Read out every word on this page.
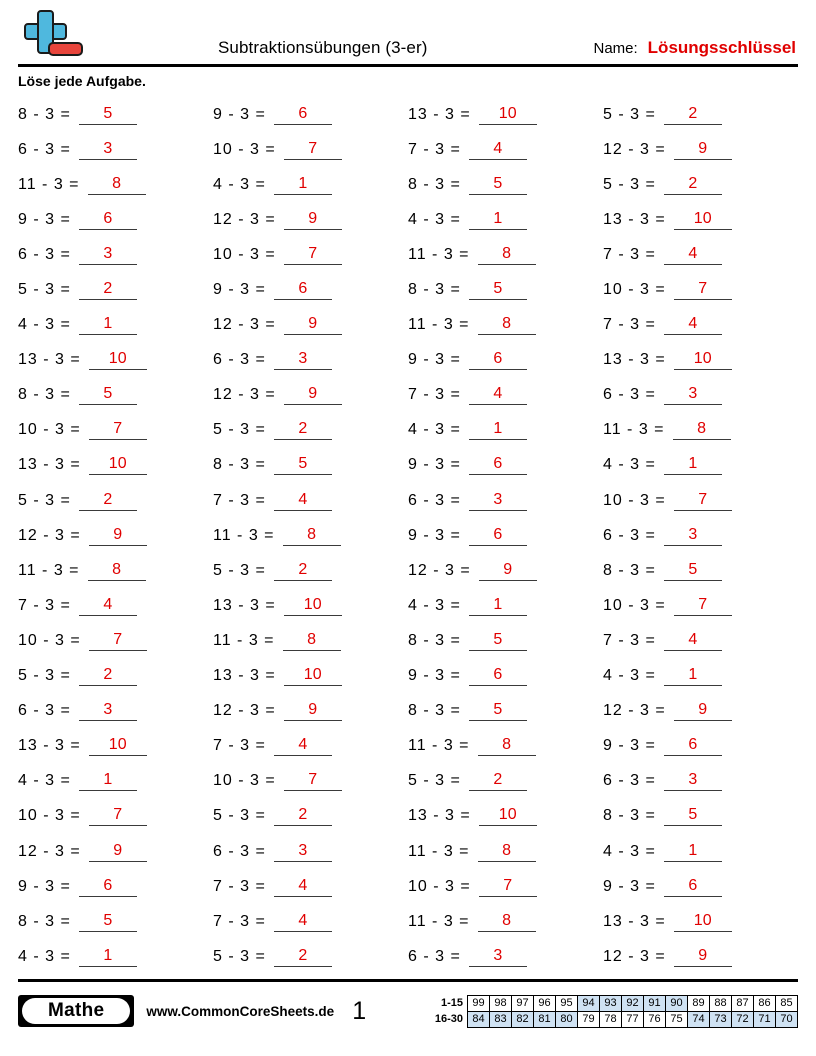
Subtraktionsübungen (3-er)	Name: Lösungsschlüssel
Löse jede Aufgabe.
8 - 3 =	5
6 - 3 =	3
11 - 3 =	8
9 - 3 =	6
6 - 3 =	3
5 - 3 =	2
4 - 3 =	1
13 - 3 =	10
8 - 3 =	5
10 - 3 =	7
13 - 3 =	10
5 - 3 =	2
12 - 3 =	9
11 - 3 =	8
7 - 3 =	4
10 - 3 =	7
5 - 3 =	2
6 - 3 =	3
13 - 3 =	10
4 - 3 =	1
10 - 3 =	7
12 - 3 =	9
9 - 3 =	6
8 - 3 =	5
4 - 3 =	1
9 - 3 =	6
10 - 3 =	7
4 - 3 =	1
12 - 3 =	9
10 - 3 =	7
9 - 3 =	6
12 - 3 =	9
6 - 3 =	3
12 - 3 =	9
5 - 3 =	2
8 - 3 =	5
7 - 3 =	4
11 - 3 =	8
5 - 3 =	2
13 - 3 =	10
11 - 3 =	8
13 - 3 =	10
12 - 3 =	9
7 - 3 =	4
10 - 3 =	7
5 - 3 =	2
6 - 3 =	3
7 - 3 =	4
7 - 3 =	4
5 - 3 =	2
13 - 3 =	10
7 - 3 =	4
8 - 3 =	5
4 - 3 =	1
11 - 3 =	8
8 - 3 =	5
11 - 3 =	8
9 - 3 =	6
7 - 3 =	4
4 - 3 =	1
9 - 3 =	6
6 - 3 =	3
9 - 3 =	6
12 - 3 =	9
4 - 3 =	1
8 - 3 =	5
9 - 3 =	6
8 - 3 =	5
11 - 3 =	8
5 - 3 =	2
13 - 3 =	10
11 - 3 =	8
10 - 3 =	7
11 - 3 =	8
6 - 3 =	3
5 - 3 =	2
12 - 3 =	9
5 - 3 =	2
13 - 3 =	10
7 - 3 =	4
10 - 3 =	7
7 - 3 =	4
13 - 3 =	10
6 - 3 =	3
11 - 3 =	8
4 - 3 =	1
10 - 3 =	7
6 - 3 =	3
8 - 3 =	5
10 - 3 =	7
7 - 3 =	4
4 - 3 =	1
12 - 3 =	9
9 - 3 =	6
6 - 3 =	3
8 - 3 =	5
4 - 3 =	1
9 - 3 =	6
13 - 3 =	10
12 - 3 =	9
Mathe	www.CommonCoreSheets.de 1	1-15	99	98	97	96	95	94	93	92	91	90	89	88	87	86	85
16-30	84	83	82	81	80	79	78	77	76	75	74	73	72	71	70
